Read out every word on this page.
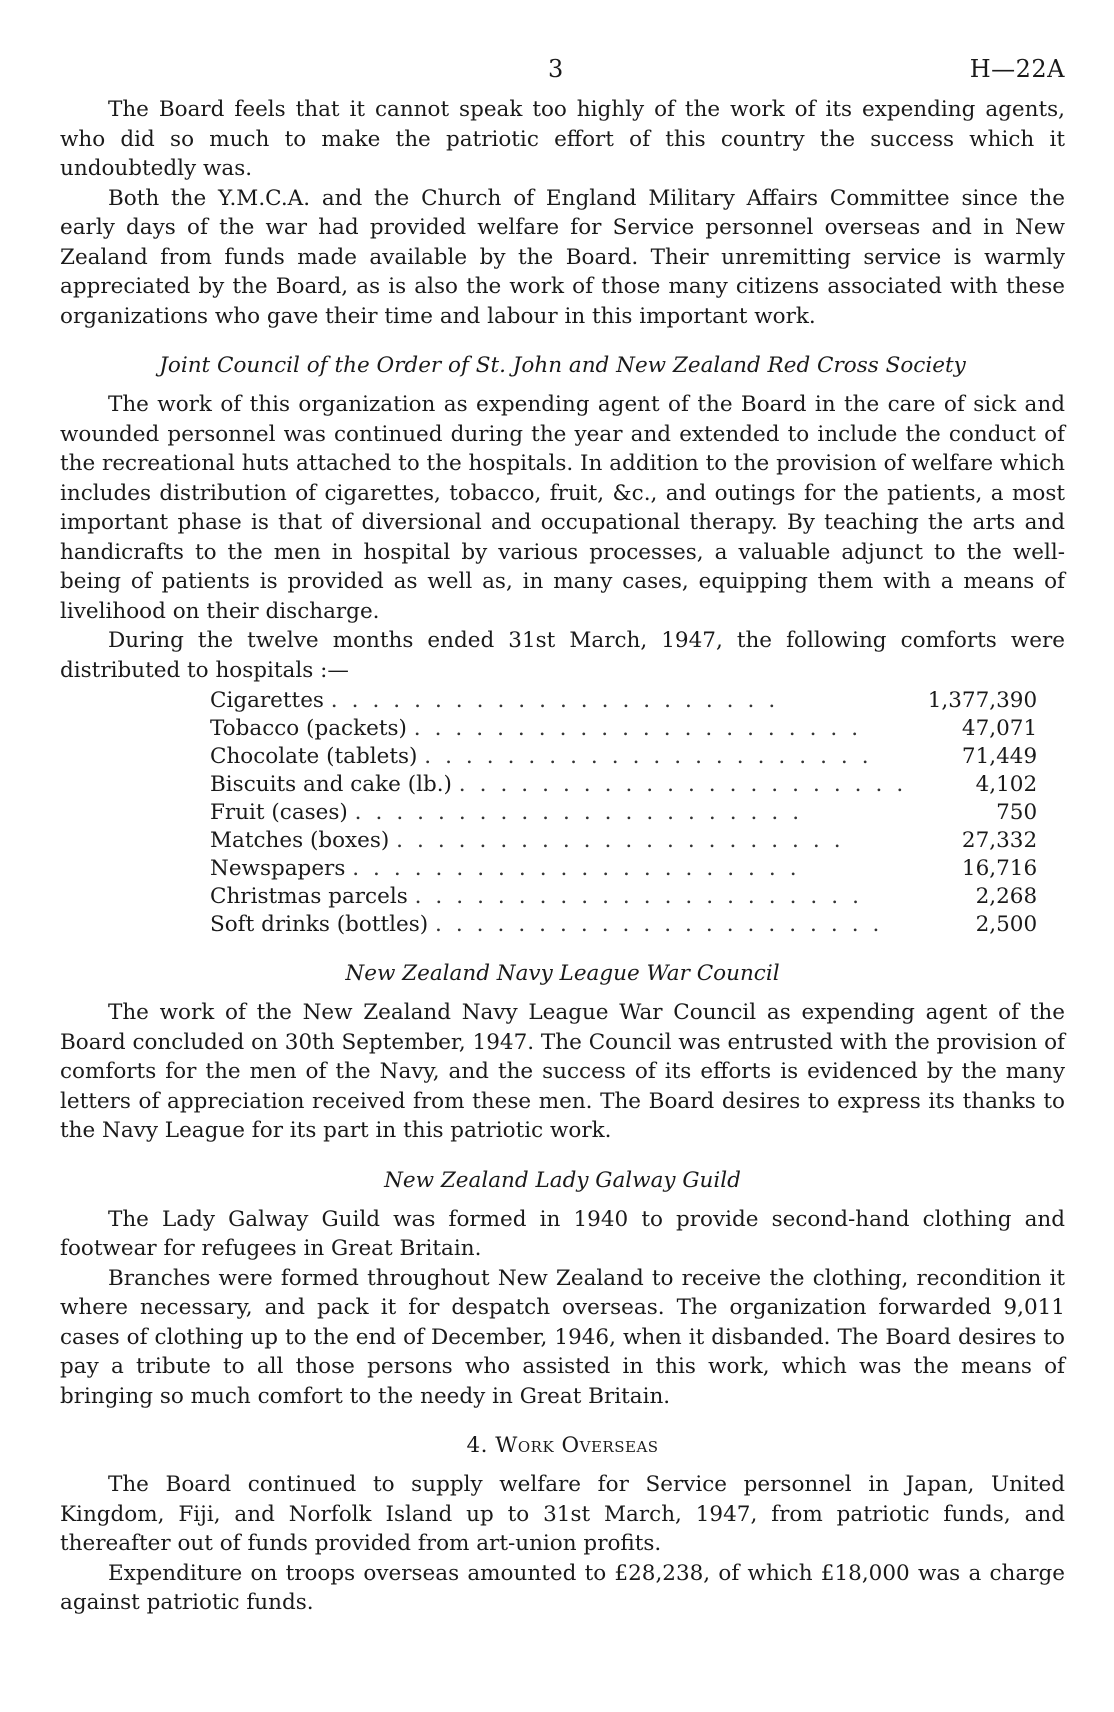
3	H—22A

The Board feels that it cannot speak too highly of the work of its expending agents, who did so much to make the patriotic effort of this country the success which it undoubtedly was.

Both the Y.M.C.A. and the Church of England Military Affairs Committee since the early days of the war had provided welfare for Service personnel overseas and in New Zealand from funds made available by the Board. Their unremitting service is warmly appreciated by the Board, as is also the work of those many citizens associated with these organizations who gave their time and labour in this important work.

Joint Council of the Order of St. John and New Zealand Red Cross Society

The work of this organization as expending agent of the Board in the care of sick and wounded personnel was continued during the year and extended to include the conduct of the recreational huts attached to the hospitals. In addition to the provision of welfare which includes distribution of cigarettes, tobacco, fruit, &c., and outings for the patients, a most important phase is that of diversional and occupational therapy. By teaching the arts and handicrafts to the men in hospital by various processes, a valuable adjunct to the well-being of patients is provided as well as, in many cases, equipping them with a means of livelihood on their discharge.

During the twelve months ended 31st March, 1947, the following comforts were distributed to hospitals :—

Cigarettes ......................	1,377,390
Tobacco (packets) ......................	47,071
Chocolate (tablets) ......................	71,449
Biscuits and cake (lb.) ......................	4,102
Fruit (cases) ......................	750
Matches (boxes) ......................	27,332
Newspapers ......................	16,716
Christmas parcels ......................	2,268
Soft drinks (bottles) ......................	2,500
New Zealand Navy League War Council

The work of the New Zealand Navy League War Council as expending agent of the Board concluded on 30th September, 1947. The Council was entrusted with the provision of comforts for the men of the Navy, and the success of its efforts is evidenced by the many letters of appreciation received from these men. The Board desires to express its thanks to the Navy League for its part in this patriotic work.

New Zealand Lady Galway Guild

The Lady Galway Guild was formed in 1940 to provide second-hand clothing and footwear for refugees in Great Britain.

Branches were formed throughout New Zealand to receive the clothing, recondition it where necessary, and pack it for despatch overseas. The organization forwarded 9,011 cases of clothing up to the end of December, 1946, when it disbanded. The Board desires to pay a tribute to all those persons who assisted in this work, which was the means of bringing so much comfort to the needy in Great Britain.

4. Work Overseas

The Board continued to supply welfare for Service personnel in Japan, United Kingdom, Fiji, and Norfolk Island up to 31st March, 1947, from patriotic funds, and thereafter out of funds provided from art-union profits.

Expenditure on troops overseas amounted to £28,238, of which £18,000 was a charge against patriotic funds.
